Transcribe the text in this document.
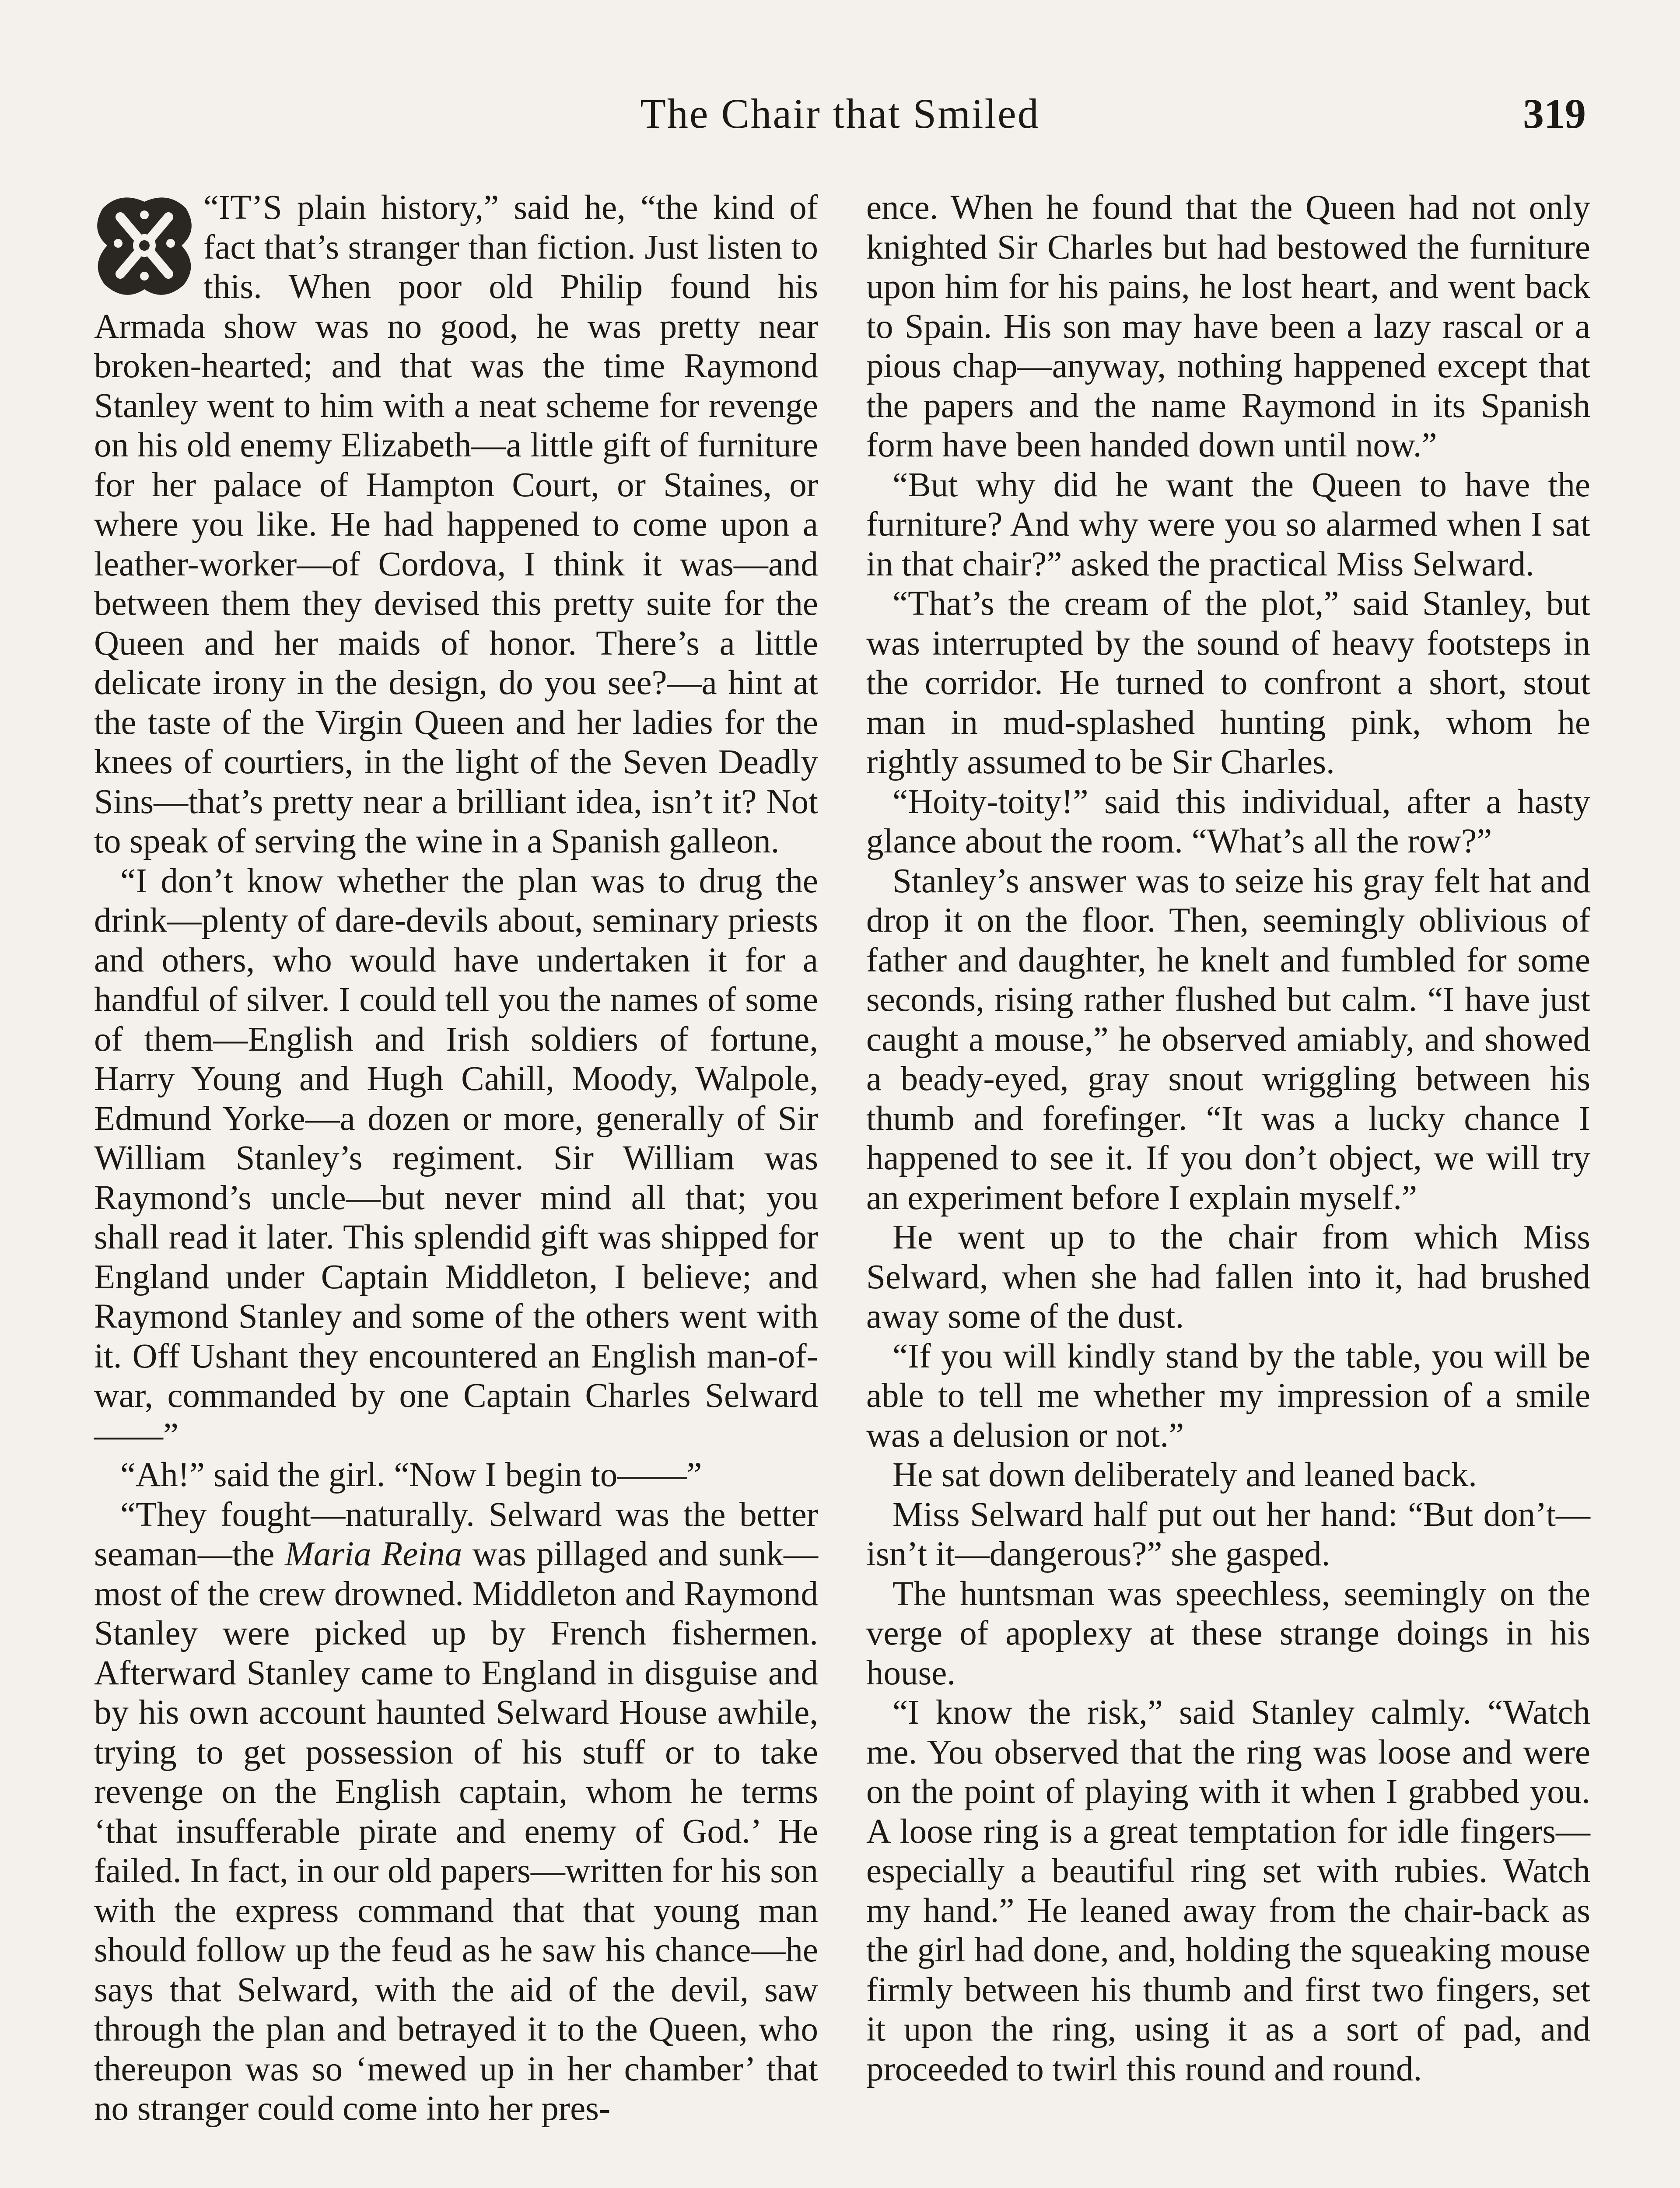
The Chair that Smiled	319

“IT’S plain history,” said he, “the kind of fact that’s stranger than fiction. Just listen to this. When poor old Philip found his Armada show was no good, he was pretty near broken-hearted; and that was the time Raymond Stanley went to him with a neat scheme for revenge on his old enemy Elizabeth—a little gift of furniture for her palace of Hampton Court, or Staines, or where you like. He had happened to come upon a leather-worker—of Cordova, I think it was—and between them they devised this pretty suite for the Queen and her maids of honor. There’s a little delicate irony in the design, do you see?—a hint at the taste of the Virgin Queen and her ladies for the knees of courtiers, in the light of the Seven Deadly Sins—that’s pretty near a brilliant idea, isn’t it? Not to speak of serving the wine in a Spanish galleon.

“I don’t know whether the plan was to drug the drink—plenty of dare-devils about, seminary priests and others, who would have undertaken it for a handful of silver. I could tell you the names of some of them—English and Irish soldiers of fortune, Harry Young and Hugh Cahill, Moody, Walpole, Edmund Yorke—a dozen or more, generally of Sir William Stanley’s regiment. Sir William was Raymond’s uncle—but never mind all that; you shall read it later. This splendid gift was shipped for England under Captain Middleton, I believe; and Raymond Stanley and some of the others went with it. Off Ushant they encountered an English man-of-war, commanded by one Captain Charles Selward——”

“Ah!” said the girl. “Now I begin to——”

“They fought—naturally. Selward was the better seaman—the Maria Reina was pillaged and sunk—most of the crew drowned. Middleton and Raymond Stanley were picked up by French fishermen. Afterward Stanley came to England in disguise and by his own account haunted Selward House awhile, trying to get possession of his stuff or to take revenge on the English captain, whom he terms ‘that insufferable pirate and enemy of God.’ He failed. In fact, in our old papers—written for his son with the express command that that young man should follow up the feud as he saw his chance—he says that Selward, with the aid of the devil, saw through the plan and betrayed it to the Queen, who thereupon was so ‘mewed up in her chamber’ that no stranger could come into her pres-

ence. When he found that the Queen had not only knighted Sir Charles but had bestowed the furniture upon him for his pains, he lost heart, and went back to Spain. His son may have been a lazy rascal or a pious chap—anyway, nothing happened except that the papers and the name Raymond in its Spanish form have been handed down until now.”

“But why did he want the Queen to have the furniture? And why were you so alarmed when I sat in that chair?” asked the practical Miss Selward.

“That’s the cream of the plot,” said Stanley, but was interrupted by the sound of heavy footsteps in the corridor. He turned to confront a short, stout man in mud-splashed hunting pink, whom he rightly assumed to be Sir Charles.

“Hoity-toity!” said this individual, after a hasty glance about the room. “What’s all the row?”

Stanley’s answer was to seize his gray felt hat and drop it on the floor. Then, seemingly oblivious of father and daughter, he knelt and fumbled for some seconds, rising rather flushed but calm. “I have just caught a mouse,” he observed amiably, and showed a beady-eyed, gray snout wriggling between his thumb and forefinger. “It was a lucky chance I happened to see it. If you don’t object, we will try an experiment before I explain myself.”

He went up to the chair from which Miss Selward, when she had fallen into it, had brushed away some of the dust.

“If you will kindly stand by the table, you will be able to tell me whether my impression of a smile was a delusion or not.”

He sat down deliberately and leaned back.

Miss Selward half put out her hand: “But don’t—isn’t it—dangerous?” she gasped.

The huntsman was speechless, seemingly on the verge of apoplexy at these strange doings in his house.

“I know the risk,” said Stanley calmly. “Watch me. You observed that the ring was loose and were on the point of playing with it when I grabbed you. A loose ring is a great temptation for idle fingers—especially a beautiful ring set with rubies. Watch my hand.” He leaned away from the chair-back as the girl had done, and, holding the squeaking mouse firmly between his thumb and first two fingers, set it upon the ring, using it as a sort of pad, and proceeded to twirl this round and round.
